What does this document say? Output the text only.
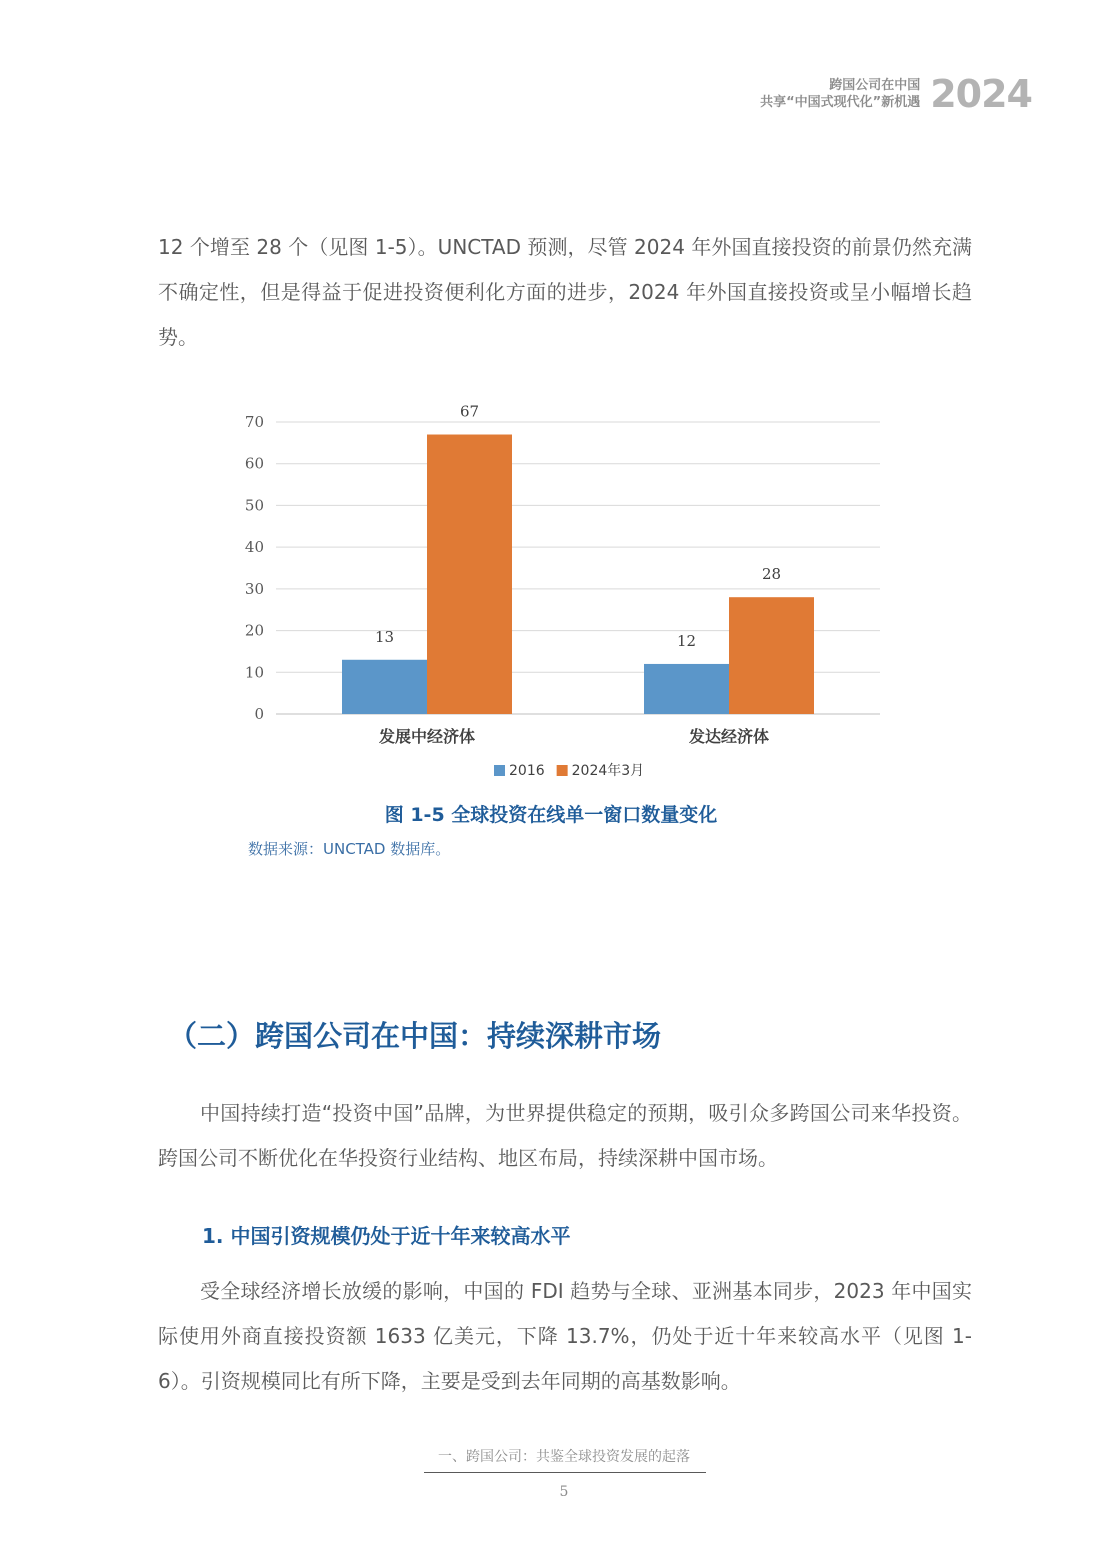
跨国公司在中国
共享“中国式现代化”新机遇 2024

12 个增至 28 个（见图 1-5）。UNCTAD 预测，尽管 2024 年外国直接投资的前景仍然充满不确定性，但是得益于促进投资便利化方面的进步，2024 年外国直接投资或呈小幅增长趋势。

0
10
20
30
40
50
60
70
13
67
发展中经济体
12
28
发达经济体
2016 2024年3月
图 1-5 全球投资在线单一窗口数量变化
数据来源：UNCTAD 数据库。
（二）跨国公司在中国：持续深耕市场

中国持续打造“投资中国”品牌，为世界提供稳定的预期，吸引众多跨国公司来华投资。跨国公司不断优化在华投资行业结构、地区布局，持续深耕中国市场。

1. 中国引资规模仍处于近十年来较高水平

受全球经济增长放缓的影响，中国的 FDI 趋势与全球、亚洲基本同步，2023 年中国实际使用外商直接投资额 1633 亿美元，下降 13.7%，仍处于近十年来较高水平（见图 1-6）。引资规模同比有所下降，主要是受到去年同期的高基数影响。

一、跨国公司：共鉴全球投资发展的起落
5
